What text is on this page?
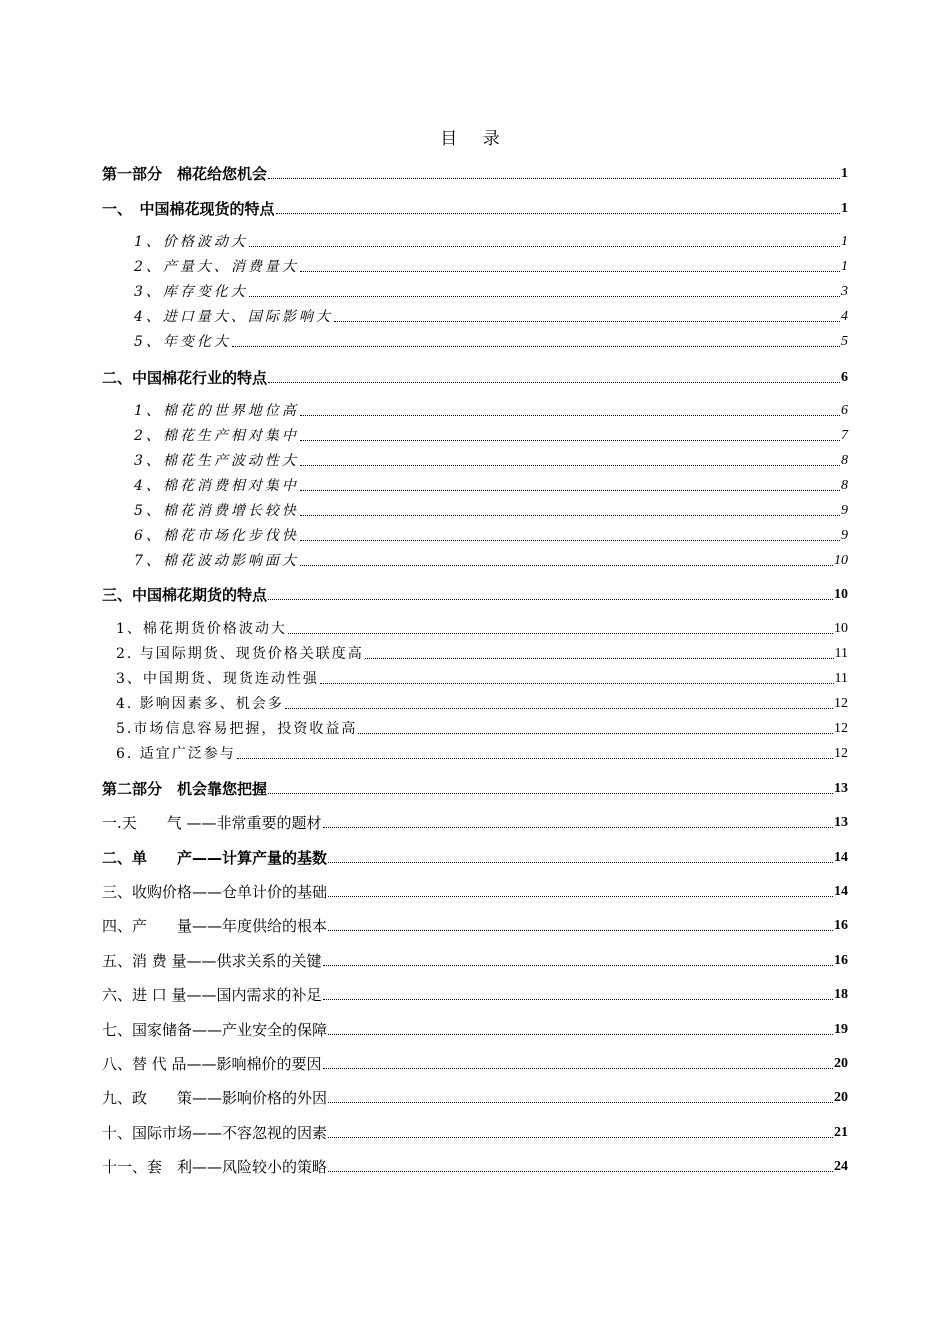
目 录
第一部分　棉花给您机会	1
一、　中国棉花现货的特点	1
1、价格波动大	1
2、产量大、消费量大	1
3、库存变化大	3
4、进口量大、国际影响大	4
5、年变化大	5
二、中国棉花行业的特点	6
1、棉花的世界地位高	6
2、棉花生产相对集中	7
3、棉花生产波动性大	8
4、棉花消费相对集中	8
5、棉花消费增长较快	9
6、棉花市场化步伐快	9
7、棉花波动影响面大	10
三、中国棉花期货的特点	10
1、棉花期货价格波动大	10
2. 与国际期货、现货价格关联度高	11
3、中国期货、现货连动性强	11
4. 影响因素多、机会多	12
5.市场信息容易把握，投资收益高	12
6. 适宜广泛参与	12
第二部分　机会靠您把握	13
一.天　　气 ——非常重要的题材	13
二、单　　产——计算产量的基数	14
三、收购价格——仓单计价的基础	14
四、产　　量——年度供给的根本	16
五、消 费 量——供求关系的关键	16
六、进 口 量——国内需求的补足	18
七、国家储备——产业安全的保障	19
八、替 代 品——影响棉价的要因	20
九、政　　策——影响价格的外因	20
十、国际市场——不容忽视的因素	21
十一、套　利——风险较小的策略	24
